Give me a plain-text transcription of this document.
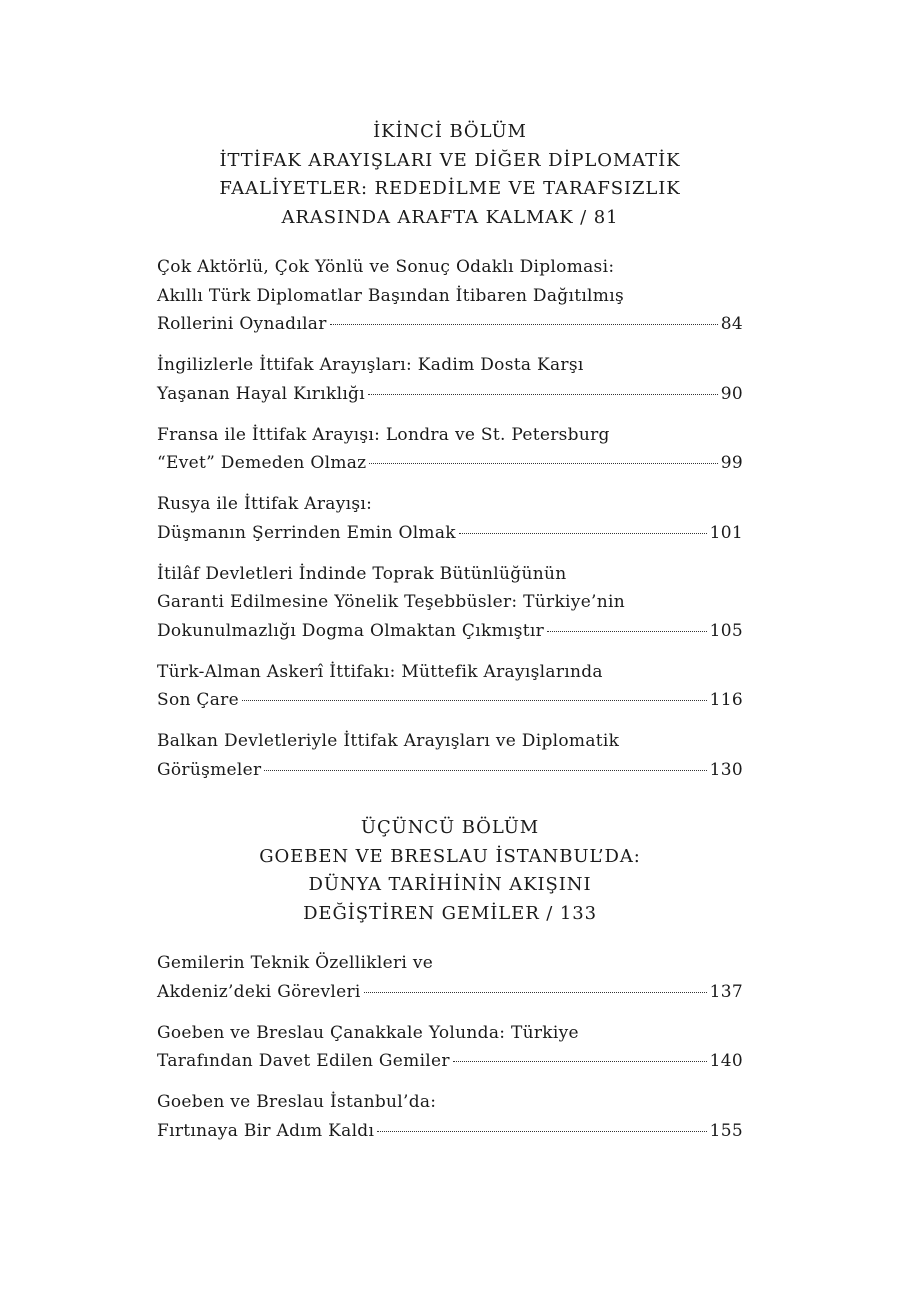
İKİNCİ BÖLÜM
İTTİFAK ARAYIŞLARI VE DİĞER DİPLOMATİK
FAALİYETLER: REDEDİLME VE TARAFSIZLIK
ARASINDA ARAFTA KALMAK / 81
Çok Aktörlü, Çok Yönlü ve Sonuç Odaklı Diplomasi:
Akıllı Türk Diplomatlar Başından İtibaren Dağıtılmış
Rollerini Oynadılar	84
İngilizlerle İttifak Arayışları: Kadim Dosta Karşı
Yaşanan Hayal Kırıklığı	90
Fransa ile İttifak Arayışı: Londra ve St. Petersburg
“Evet” Demeden Olmaz	99
Rusya ile İttifak Arayışı:
Düşmanın Şerrinden Emin Olmak	101
İtilâf Devletleri İndinde Toprak Bütünlüğünün
Garanti Edilmesine Yönelik Teşebbüsler: Türkiye’nin
Dokunulmazlığı Dogma Olmaktan Çıkmıştır	105
Türk-Alman Askerî İttifakı: Müttefik Arayışlarında
Son Çare	116
Balkan Devletleriyle İttifak Arayışları ve Diplomatik
Görüşmeler	130
ÜÇÜNCÜ BÖLÜM
GOEBEN VE BRESLAU İSTANBUL’DA:
DÜNYA TARİHİNİN AKIŞINI
DEĞİŞTİREN GEMİLER / 133
Gemilerin Teknik Özellikleri ve
Akdeniz’deki Görevleri	137
Goeben ve Breslau Çanakkale Yolunda: Türkiye
Tarafından Davet Edilen Gemiler	140
Goeben ve Breslau İstanbul’da:
Fırtınaya Bir Adım Kaldı	155
